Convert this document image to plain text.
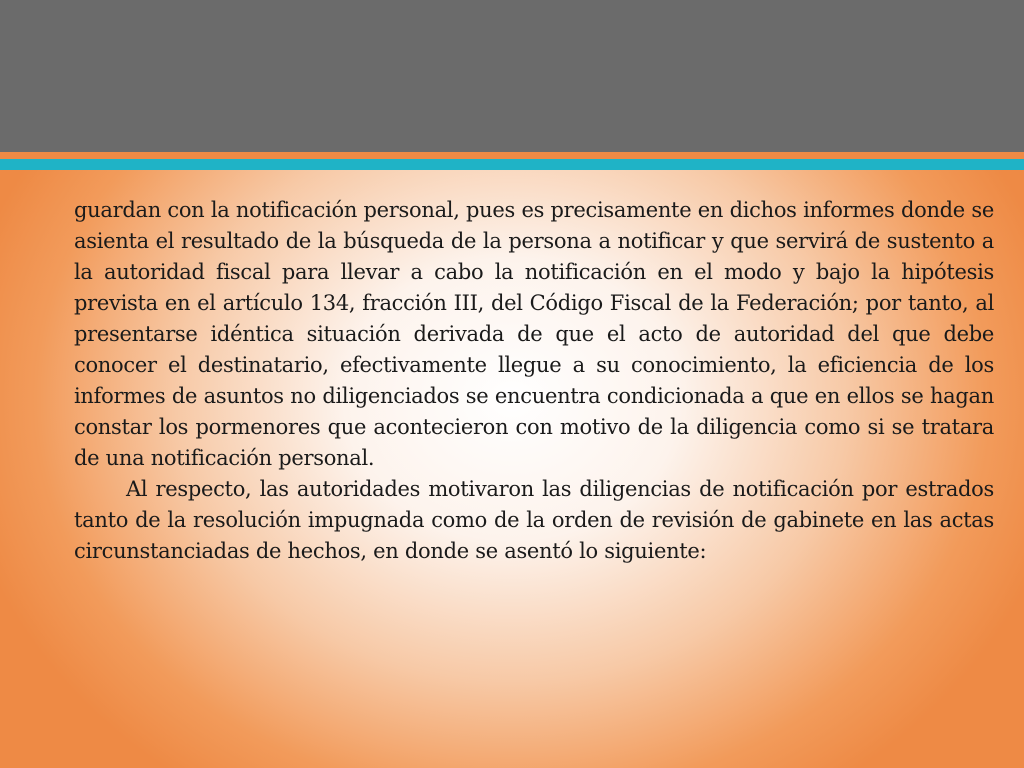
guardan con la notificación personal, pues es precisamente en dichos informes donde se asienta el resultado de la búsqueda de la persona a notificar y que servirá de sustento a la autoridad fiscal para llevar a cabo la notificación en el modo y bajo la hipótesis prevista en el artículo 134, fracción III, del Código Fiscal de la Federación; por tanto, al presentarse idéntica situación derivada de que el acto de autoridad del que debe conocer el destinatario, efectivamente llegue a su conocimiento, la eficiencia de los informes de asuntos no diligenciados se encuentra condicionada a que en ellos se hagan constar los pormenores que acontecieron con motivo de la diligencia como si se tratara de una notificación personal.

Al respecto, las autoridades motivaron las diligencias de notificación por estrados tanto de la resolución impugnada como de la orden de revisión de gabinete en las actas circunstanciadas de hechos, en donde se asentó lo siguiente:
